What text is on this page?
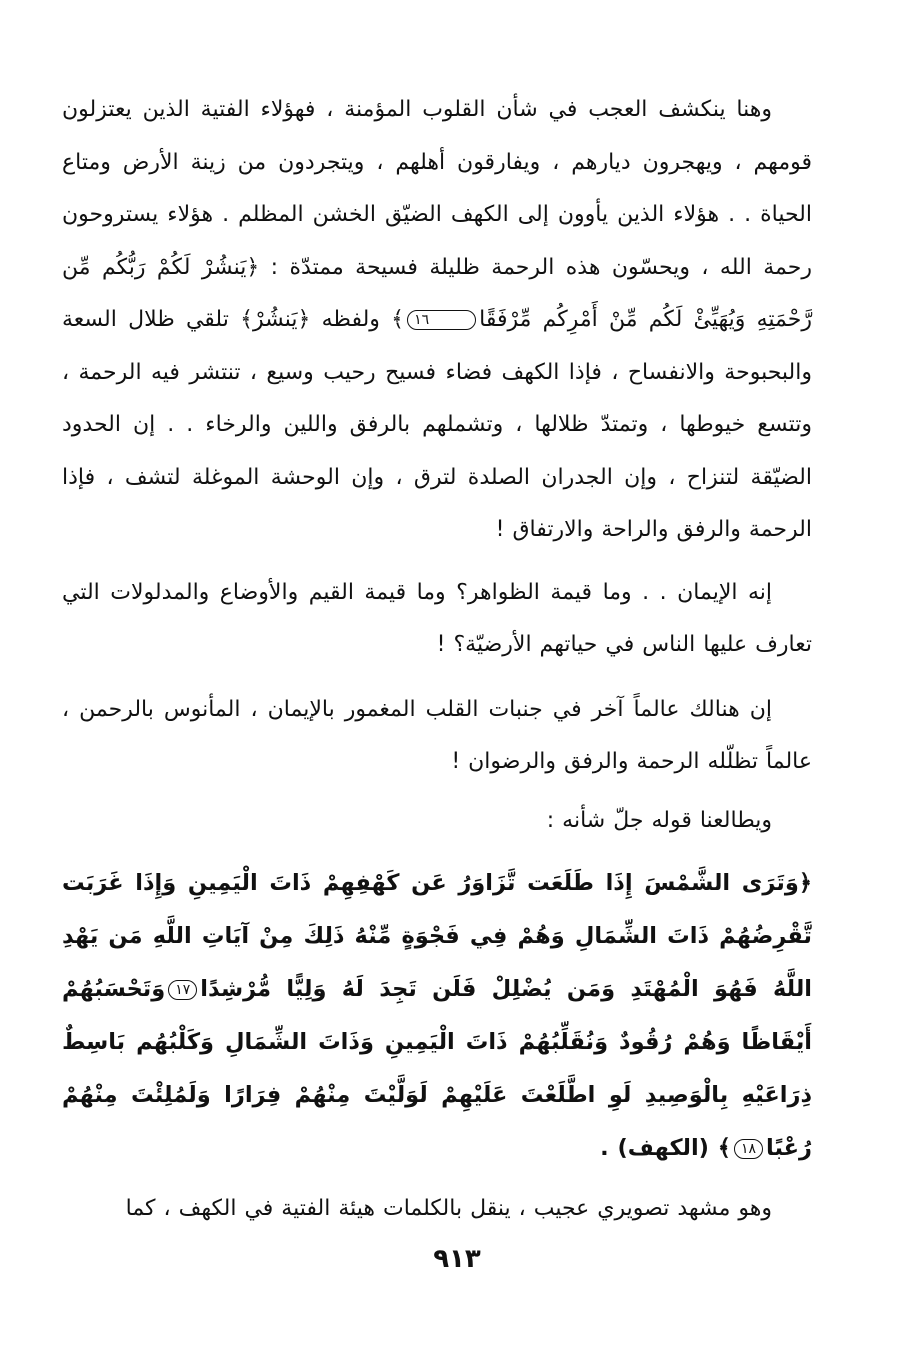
وهنا ينكشف العجب في شأن القلوب المؤمنة ، فهؤلاء الفتية الذين يعتزلون قومهم ، ويهجرون ديارهم ، ويفارقون أهلهم ، ويتجردون من زينة الأرض ومتاع الحياة . . هؤلاء الذين يأوون إلى الكهف الضيّق الخشن المظلم . هؤلاء يستروحون رحمة الله ، ويحسّون هذه الرحمة ظليلة فسيحة ممتدّة : ﴿يَنشُرْ لَكُمْ رَبُّكُم مِّن رَّحْمَتِهِ وَيُهَيِّئْ لَكُم مِّنْ أَمْرِكُم مِّرْفَقًا١٦﴾ ولفظه ﴿يَنشُرْ﴾ تلقي ظلال السعة والبحبوحة والانفساح ، فإذا الكهف فضاء فسيح رحيب وسيع ، تنتشر فيه الرحمة ، وتتسع خيوطها ، وتمتدّ ظلالها ، وتشملهم بالرفق واللين والرخاء . . إن الحدود الضيّقة لتنزاح ، وإن الجدران الصلدة لترق ، وإن الوحشة الموغلة لتشف ، فإذا الرحمة والرفق والراحة والارتفاق !

إنه الإيمان . . وما قيمة الظواهر؟ وما قيمة القيم والأوضاع والمدلولات التي تعارف عليها الناس في حياتهم الأرضيّة؟ !

إن هنالك عالماً آخر في جنبات القلب المغمور بالإيمان ، المأنوس بالرحمن ، عالماً تظلّله الرحمة والرفق والرضوان !

ويطالعنا قوله جلّ شأنه :

﴿وَتَرَى الشَّمْسَ إِذَا طَلَعَت تَّزَاوَرُ عَن كَهْفِهِمْ ذَاتَ الْيَمِينِ وَإِذَا غَرَبَت تَّقْرِضُهُمْ ذَاتَ الشِّمَالِ وَهُمْ فِي فَجْوَةٍ مِّنْهُ ذَلِكَ مِنْ آيَاتِ اللَّهِ مَن يَهْدِ اللَّهُ فَهُوَ الْمُهْتَدِ وَمَن يُضْلِلْ فَلَن تَجِدَ لَهُ وَلِيًّا مُّرْشِدًا١٧وَتَحْسَبُهُمْ أَيْقَاظًا وَهُمْ رُقُودٌ وَنُقَلِّبُهُمْ ذَاتَ الْيَمِينِ وَذَاتَ الشِّمَالِ وَكَلْبُهُم بَاسِطٌ ذِرَاعَيْهِ بِالْوَصِيدِ لَوِ اطَّلَعْتَ عَلَيْهِمْ لَوَلَّيْتَ مِنْهُمْ فِرَارًا وَلَمُلِئْتَ مِنْهُمْ رُعْبًا١٨﴾ (الكهف) .

وهو مشهد تصويري عجيب ، ينقل بالكلمات هيئة الفتية في الكهف ، كما

٩١٣
